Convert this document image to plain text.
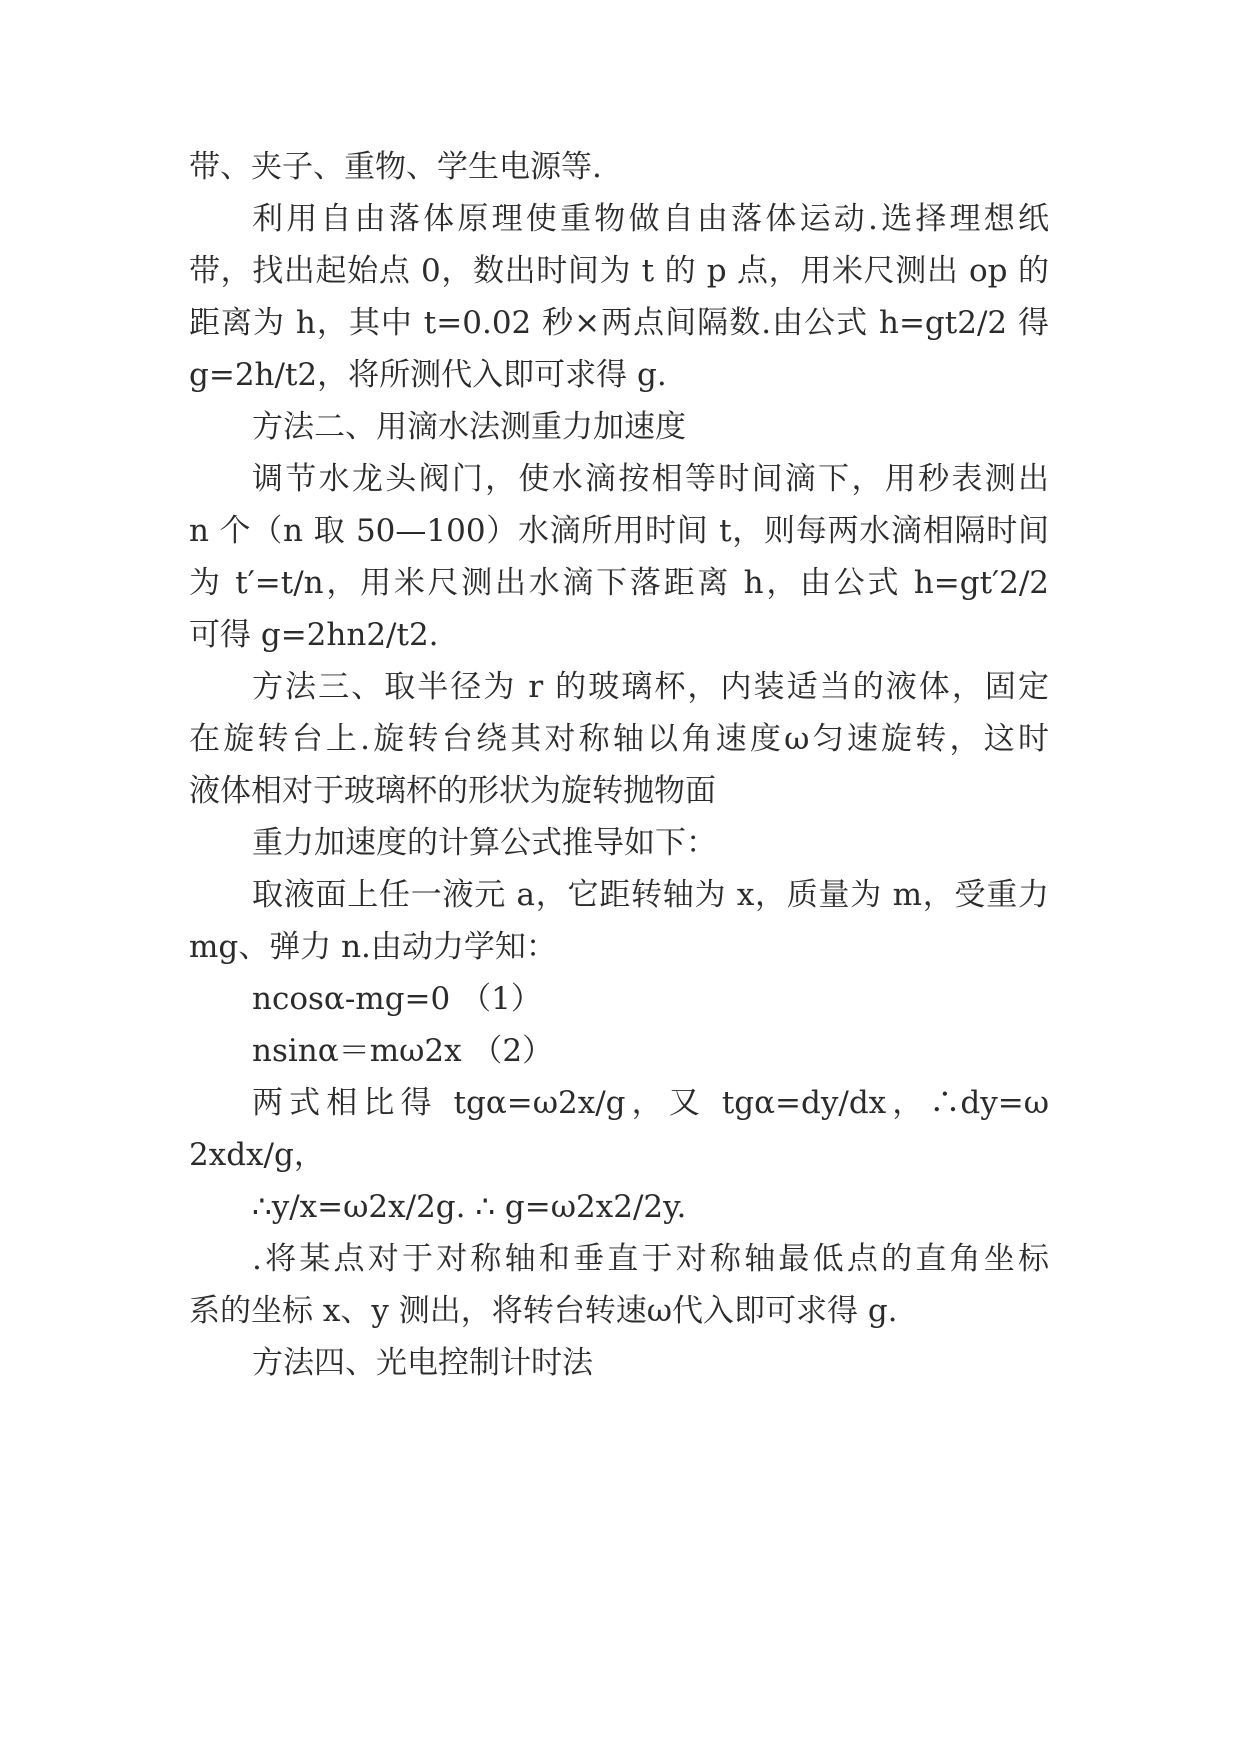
带、夹子、重物、学生电源等.
利用自由落体原理使重物做自由落体运动.选择理想纸
带，找出起始点 0，数出时间为 t 的 p 点，用米尺测出 op 的
距离为 h，其中 t=0.02 秒×两点间隔数.由公式 h=gt2/2 得
g=2h/t2，将所测代入即可求得 g.
方法二、用滴水法测重力加速度
调节水龙头阀门，使水滴按相等时间滴下，用秒表测出
n 个（n 取 50—100）水滴所用时间 t，则每两水滴相隔时间
为 t′=t/n，用米尺测出水滴下落距离 h，由公式 h=gt′2/2
可得 g=2hn2/t2.
方法三、取半径为 r 的玻璃杯，内装适当的液体，固定
在旋转台上.旋转台绕其对称轴以角速度ω匀速旋转，这时
液体相对于玻璃杯的形状为旋转抛物面
重力加速度的计算公式推导如下：
取液面上任一液元 a，它距转轴为 x，质量为 m，受重力
mg、弹力 n.由动力学知：
ncosα-mg=0 （1）
nsinα＝mω2x （2）
两式相比得 tgα=ω2x/g，又 tgα=dy/dx，∴dy=ω
2xdx/g，
∴y/x=ω2x/2g. ∴ g=ω2x2/2y.
.将某点对于对称轴和垂直于对称轴最低点的直角坐标
系的坐标 x、y 测出，将转台转速ω代入即可求得 g.
方法四、光电控制计时法
